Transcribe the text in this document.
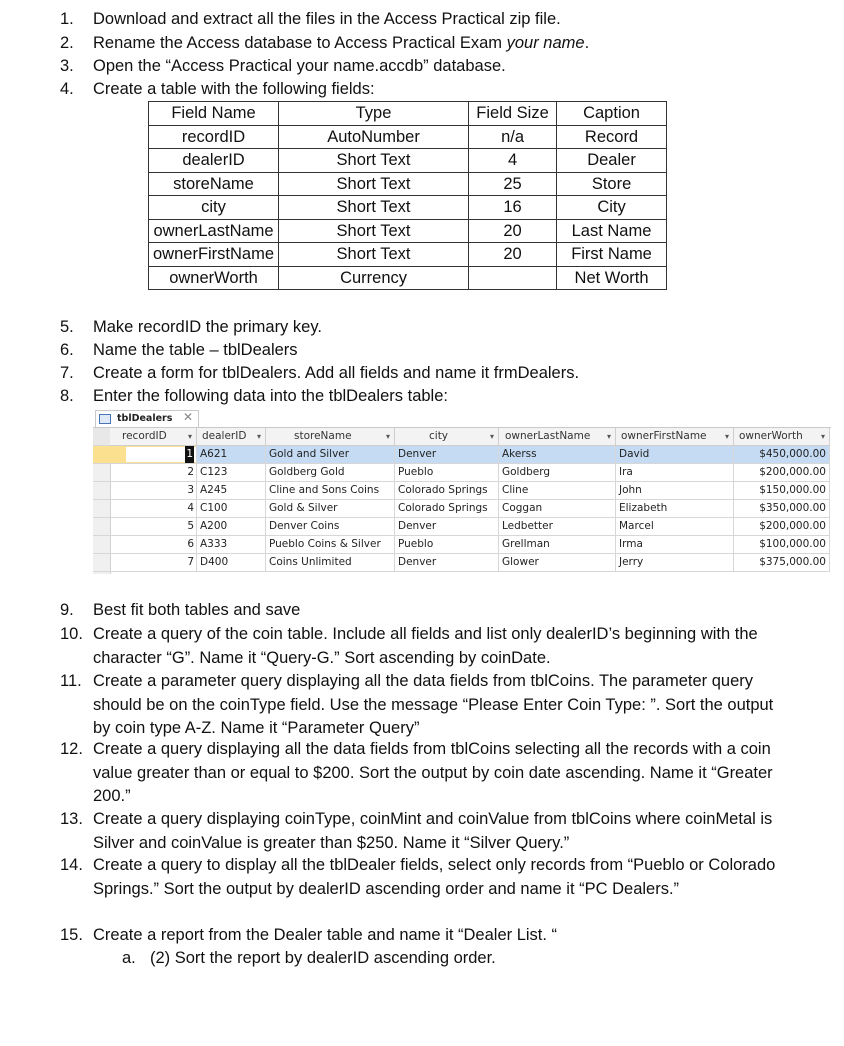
1. Download and extract all the files in the Access Practical zip file.
2. Rename the Access database to Access Practical Exam your name.
3. Open the “Access Practical your name.accdb” database.
4. Create a table with the following fields:
Field Name	Type	Field Size	Caption
recordID	AutoNumber	n/a	Record
dealerID	Short Text	4	Dealer
storeName	Short Text	25	Store
city	Short Text	16	City
ownerLastName	Short Text	20	Last Name
ownerFirstName	Short Text	20	First Name
ownerWorth	Currency		Net Worth
5. Make recordID the primary key.
6. Name the table – tblDealers
7. Create a form for tblDealers. Add all fields and name it frmDealers.
8. Enter the following data into the tblDealers table:
tblDealers ✕
recordID	▾ dealerID ▾	storeName	▾	city	▾	ownerLastName ▾ ownerFirstName ▾ ownerWorth ▾
1 A621	Gold and Silver	Denver	Akerss	David	$450,000.00
2 C123	Goldberg Gold	Pueblo	Goldberg	Ira	$200,000.00
3 A245	Cline and Sons Coins	Colorado Springs	Cline	John	$150,000.00
4 C100	Gold & Silver	Colorado Springs	Coggan	Elizabeth	$350,000.00
5 A200	Denver Coins	Denver	Ledbetter	Marcel	$200,000.00
6 A333	Pueblo Coins & Silver	Pueblo	Grellman	Irma	$100,000.00
7 D400	Coins Unlimited	Denver	Glower	Jerry	$375,000.00
9. Best fit both tables and save
10. Create a query of the coin table. Include all fields and list only dealerID’s beginning with the character “G”. Name it “Query-G.” Sort ascending by coinDate.
11. Create a parameter query displaying all the data fields from tblCoins. The parameter query should be on the coinType field. Use the message “Please Enter Coin Type: ”. Sort the output by coin type A-Z. Name it “Parameter Query”
12. Create a query displaying all the data fields from tblCoins selecting all the records with a coin value greater than or equal to $200. Sort the output by coin date ascending. Name it “Greater 200.”
13. Create a query displaying coinType, coinMint and coinValue from tblCoins where coinMetal is Silver and coinValue is greater than $250. Name it “Silver Query.”
14. Create a query to display all the tblDealer fields, select only records from “Pueblo or Colorado Springs.” Sort the output by dealerID ascending order and name it “PC Dealers.”
15. Create a report from the Dealer table and name it “Dealer List. “
a. (2) Sort the report by dealerID ascending order.
